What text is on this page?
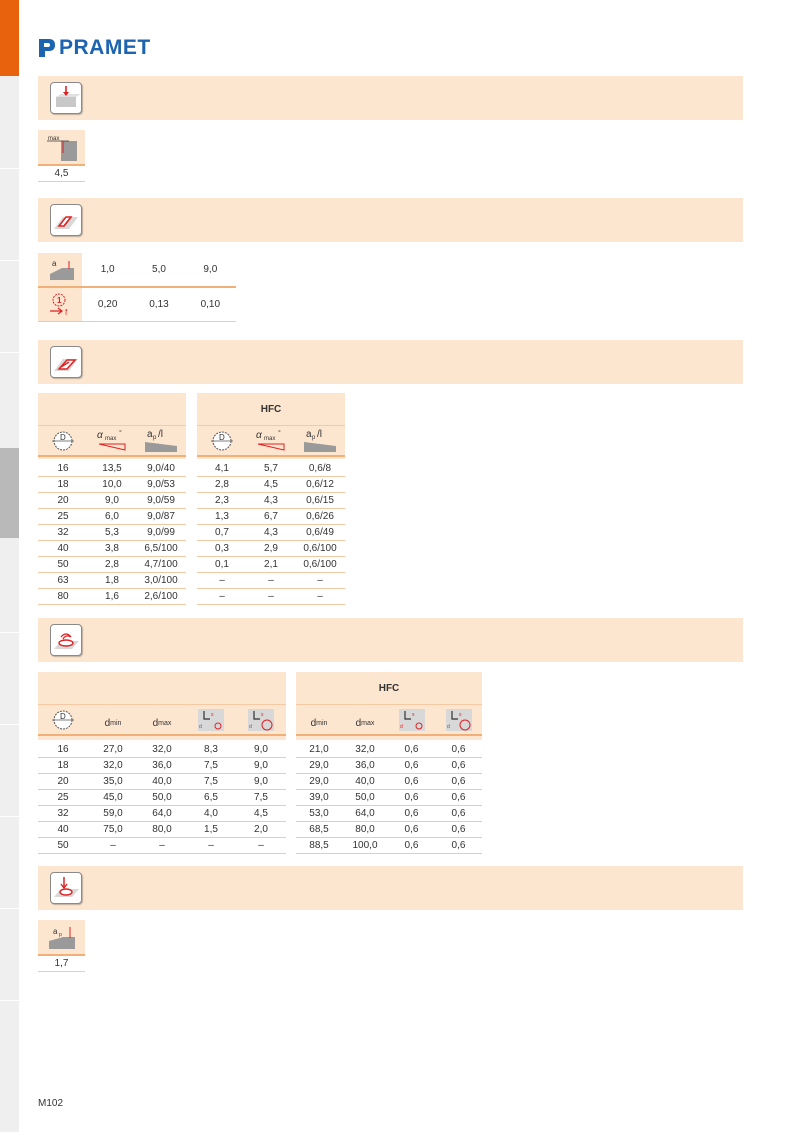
PRAMET
max
4,5
a
1,0	5,0	9,0
1
f
0,20	0,13	0,10
D	α max
°	a p /l
HFC
D	α max
°	a p /l
16	13,5	9,0/40
18	10,0	9,0/53
20	9,0	9,0/59
25	6,0	9,0/87
32	5,3	9,0/99
40	3,8	6,5/100
50	2,8	4,7/100
63	1,8	3,0/100
80	1,6	2,6/100
4,1	5,7	0,6/8
2,8	4,5	0,6/12
2,3	4,3	0,6/15
1,3	6,7	0,6/26
0,7	4,3	0,6/49
0,3	2,9	0,6/100
0,1	2,1	0,6/100
–	–	–
–	–	–
D
d min	d max
s
d
s
d
HFC
d min	d max
s
d
s
d
16	27,0	32,0	8,3	9,0
18	32,0	36,0	7,5	9,0
20	35,0	40,0	7,5	9,0
25	45,0	50,0	6,5	7,5
32	59,0	64,0	4,0	4,5
40	75,0	80,0	1,5	2,0
50	–	–	–	–
21,0	32,0	0,6	0,6
29,0	36,0	0,6	0,6
29,0	40,0	0,6	0,6
39,0	50,0	0,6	0,6
53,0	64,0	0,6	0,6
68,5	80,0	0,6	0,6
88,5	100,0	0,6	0,6
a p
1,7
M102
